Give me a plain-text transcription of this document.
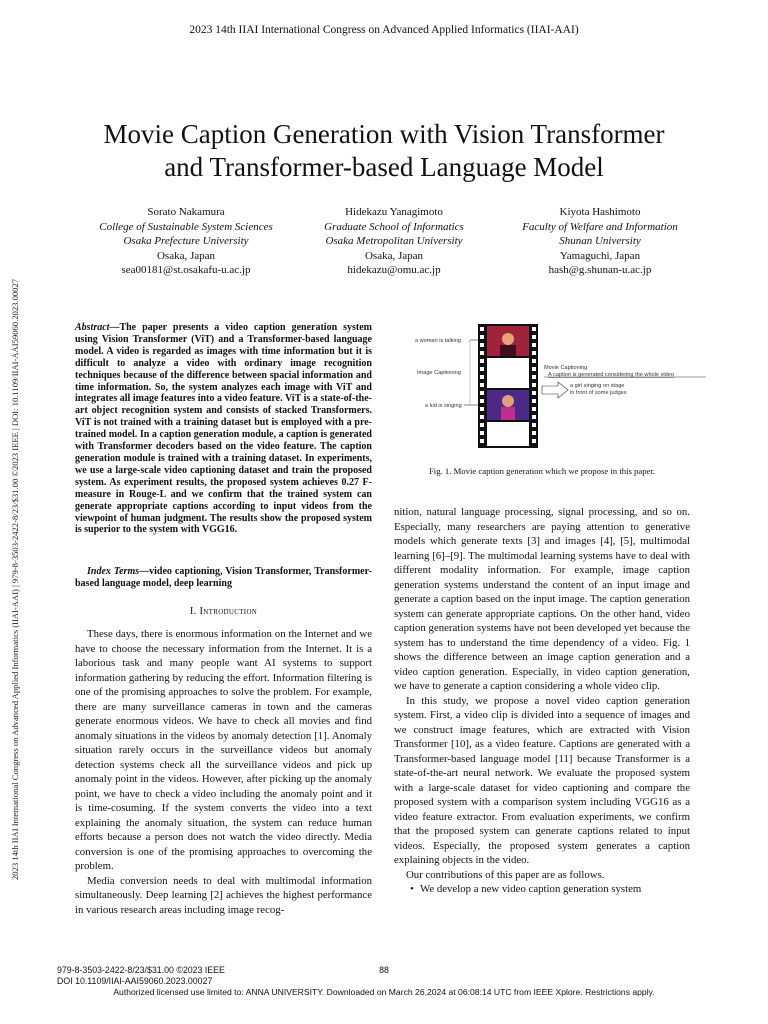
2023 14th IIAI International Congress on Advanced Applied Informatics (IIAI-AAI)
2023 14th IIAI International Congress on Advanced Applied Informatics (IIAI-AAI) | 979-8-3503-2422-8/23/$31.00 ©2023 IEEE | DOI: 10.1109/IIAI-AAI59060.2023.00027
Movie Caption Generation with Vision Transformer
and Transformer-based Language Model
Sorato Nakamura
College of Sustainable System Sciences
Osaka Prefecture University
Osaka, Japan
sea00181@st.osakafu-u.ac.jp
Hidekazu Yanagimoto
Graduate School of Informatics
Osaka Metropolitan University
Osaka, Japan
hidekazu@omu.ac.jp
Kiyota Hashimoto
Faculty of Welfare and Information
Shunan University
Yamaguchi, Japan
hash@g.shunan-u.ac.jp
Abstract—The paper presents a video caption generation system using Vision Transformer (ViT) and a Transformer-based language model. A video is regarded as images with time information but it is difficult to analyze a video with ordinary image recognition techniques because of the difference between spacial information and time information. So, the system analyzes each image with ViT and integrates all image features into a video feature. ViT is a state-of-the-art object recognition system and consists of stacked Transformers. ViT is not trained with a training dataset but is employed with a pre-trained model. In a caption generation module, a caption is generated with Transformer decoders based on the video feature. The caption generation module is trained with a training dataset. In experiments, we use a large-scale video captioning dataset and train the proposed system. As experiment results, the proposed system achieves 0.27 F-measure in Rouge-L and we confirm that the trained system can generate appropriate captions according to input videos from the viewpoint of human judgment. The results show the proposed system is superior to the system with VGG16.
Index Terms—video captioning, Vision Transformer, Transformer-based language model, deep learning
I. Introduction

These days, there is enormous information on the Internet and we have to choose the necessary information from the Internet. It is a laborious task and many people want AI systems to support information gathering by reducing the effort. Information filtering is one of the promising approaches to solve the problem. For example, there are many surveillance cameras in town and the cameras generate enormous videos. We have to check all movies and find anomaly situations in the videos by anomaly detection [1]. Anomaly situation rarely occurs in the surveillance videos but anomaly detection systems check all the surveillance videos and pick up anomaly point in the videos. However, after picking up the anomaly point, we have to check a video including the anomaly point and it is time-cosuming. If the system converts the video into a text explaining the anomaly situation, the system can reduce human efforts because a person does not watch the video directly. Media conversion is one of the promising approaches to overcoming the problem.

Media conversion needs to deal with multimodal information simultaneously. Deep learning [2] achieves the highest performance in various research areas including image recog-

a woman is talking
Image Captioning
a kid is singing
Movie Captioning
A caption is generated considering the whole video
a girl singing on stage
in front of some judges
Fig. 1. Movie caption generation which we propose in this paper.

nition, natural language processing, signal processing, and so on. Especially, many researchers are paying attention to generative models which generate texts [3] and images [4], [5], multimodal learning [6]–[9]. The multimodal learning systems have to deal with different modality information. For example, image caption generation systems understand the content of an input image and generate a caption based on the input image. The caption generation system can generate appropriate captions. On the other hand, video caption generation systems have not been developed yet because the system has to understand the time dependency of a video. Fig. 1 shows the difference between an image caption generation and a video caption generation. Especially, in video caption generation, we have to generate a caption considering a whole video clip.

In this study, we propose a novel video caption generation system. First, a video clip is divided into a sequence of images and we construct image features, which are extracted with Vision Transformer [10], as a video feature. Captions are generated with a Transformer-based language model [11] because Transformer is a state-of-the-art neural network. We evaluate the proposed system with a large-scale dataset for video captioning and compare the proposed system with a comparison system including VGG16 as a video feature extractor. From evaluation experiments, we confirm that the proposed system can generate captions related to input videos. Especially, the proposed system generates a caption explaining objects in the video.

Our contributions of this paper are as follows.

• We develop a new video caption generation system

979-8-3503-2422-8/23/$31.00 ©2023 IEEE
DOI 10.1109/IIAI-AAI59060.2023.00027
88
Authorized licensed use limited to: ANNA UNIVERSITY. Downloaded on March 26,2024 at 06:08:14 UTC from IEEE Xplore. Restrictions apply.
